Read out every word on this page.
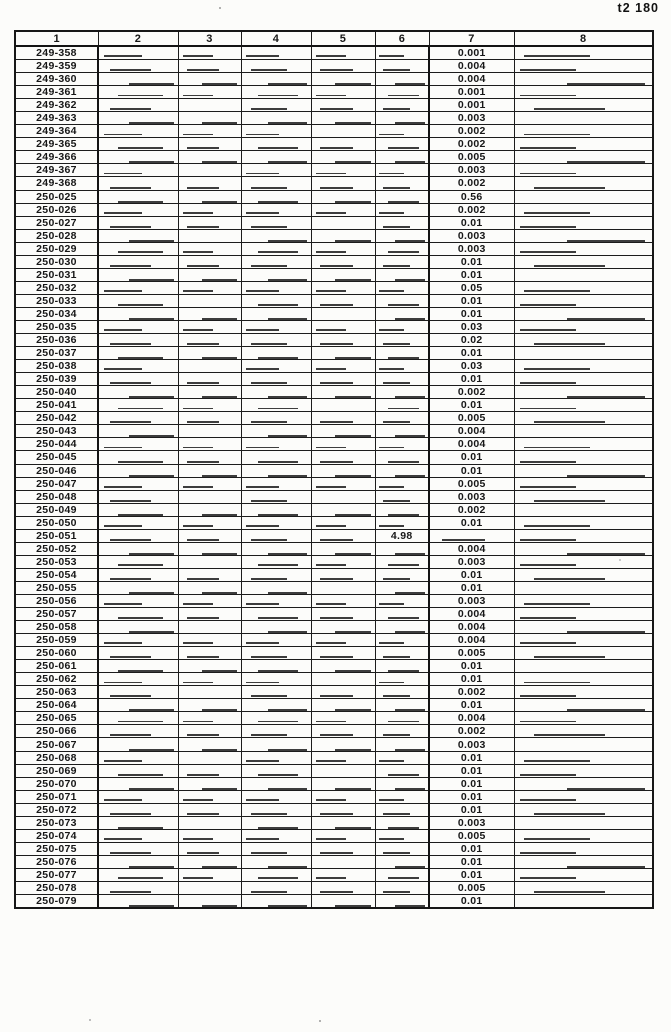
t2 180
1	2	3	4	5	6	7	8
249-358						0.001	
249-359						0.004	
249-360						0.004	
249-361						0.001	
249-362						0.001	
249-363						0.003	
249-364						0.002	
249-365						0.002	
249-366						0.005	
249-367						0.003	
249-368						0.002	
250-025						0.56	
250-026						0.002	
250-027						0.01	
250-028						0.003	
250-029						0.003	
250-030						0.01	
250-031						0.01	
250-032						0.05	
250-033						0.01	
250-034						0.01	
250-035						0.03	
250-036						0.02	
250-037						0.01	
250-038						0.03	
250-039						0.01	
250-040						0.002	
250-041						0.01	
250-042						0.005	
250-043						0.004	
250-044						0.004	
250-045						0.01	
250-046						0.01	
250-047						0.005	
250-048						0.003	
250-049						0.002	
250-050						0.01	
250-051					4.98		
250-052						0.004	
250-053						0.003	
250-054						0.01	
250-055						0.01	
250-056						0.003	
250-057						0.004	
250-058						0.004	
250-059						0.004	
250-060						0.005	
250-061						0.01	
250-062						0.01	
250-063						0.002	
250-064						0.01	
250-065						0.004	
250-066						0.002	
250-067						0.003	
250-068						0.01	
250-069						0.01	
250-070						0.01	
250-071						0.01	
250-072						0.01	
250-073						0.003	
250-074						0.005	
250-075						0.01	
250-076						0.01	
250-077						0.01	
250-078						0.005	
250-079						0.01	
